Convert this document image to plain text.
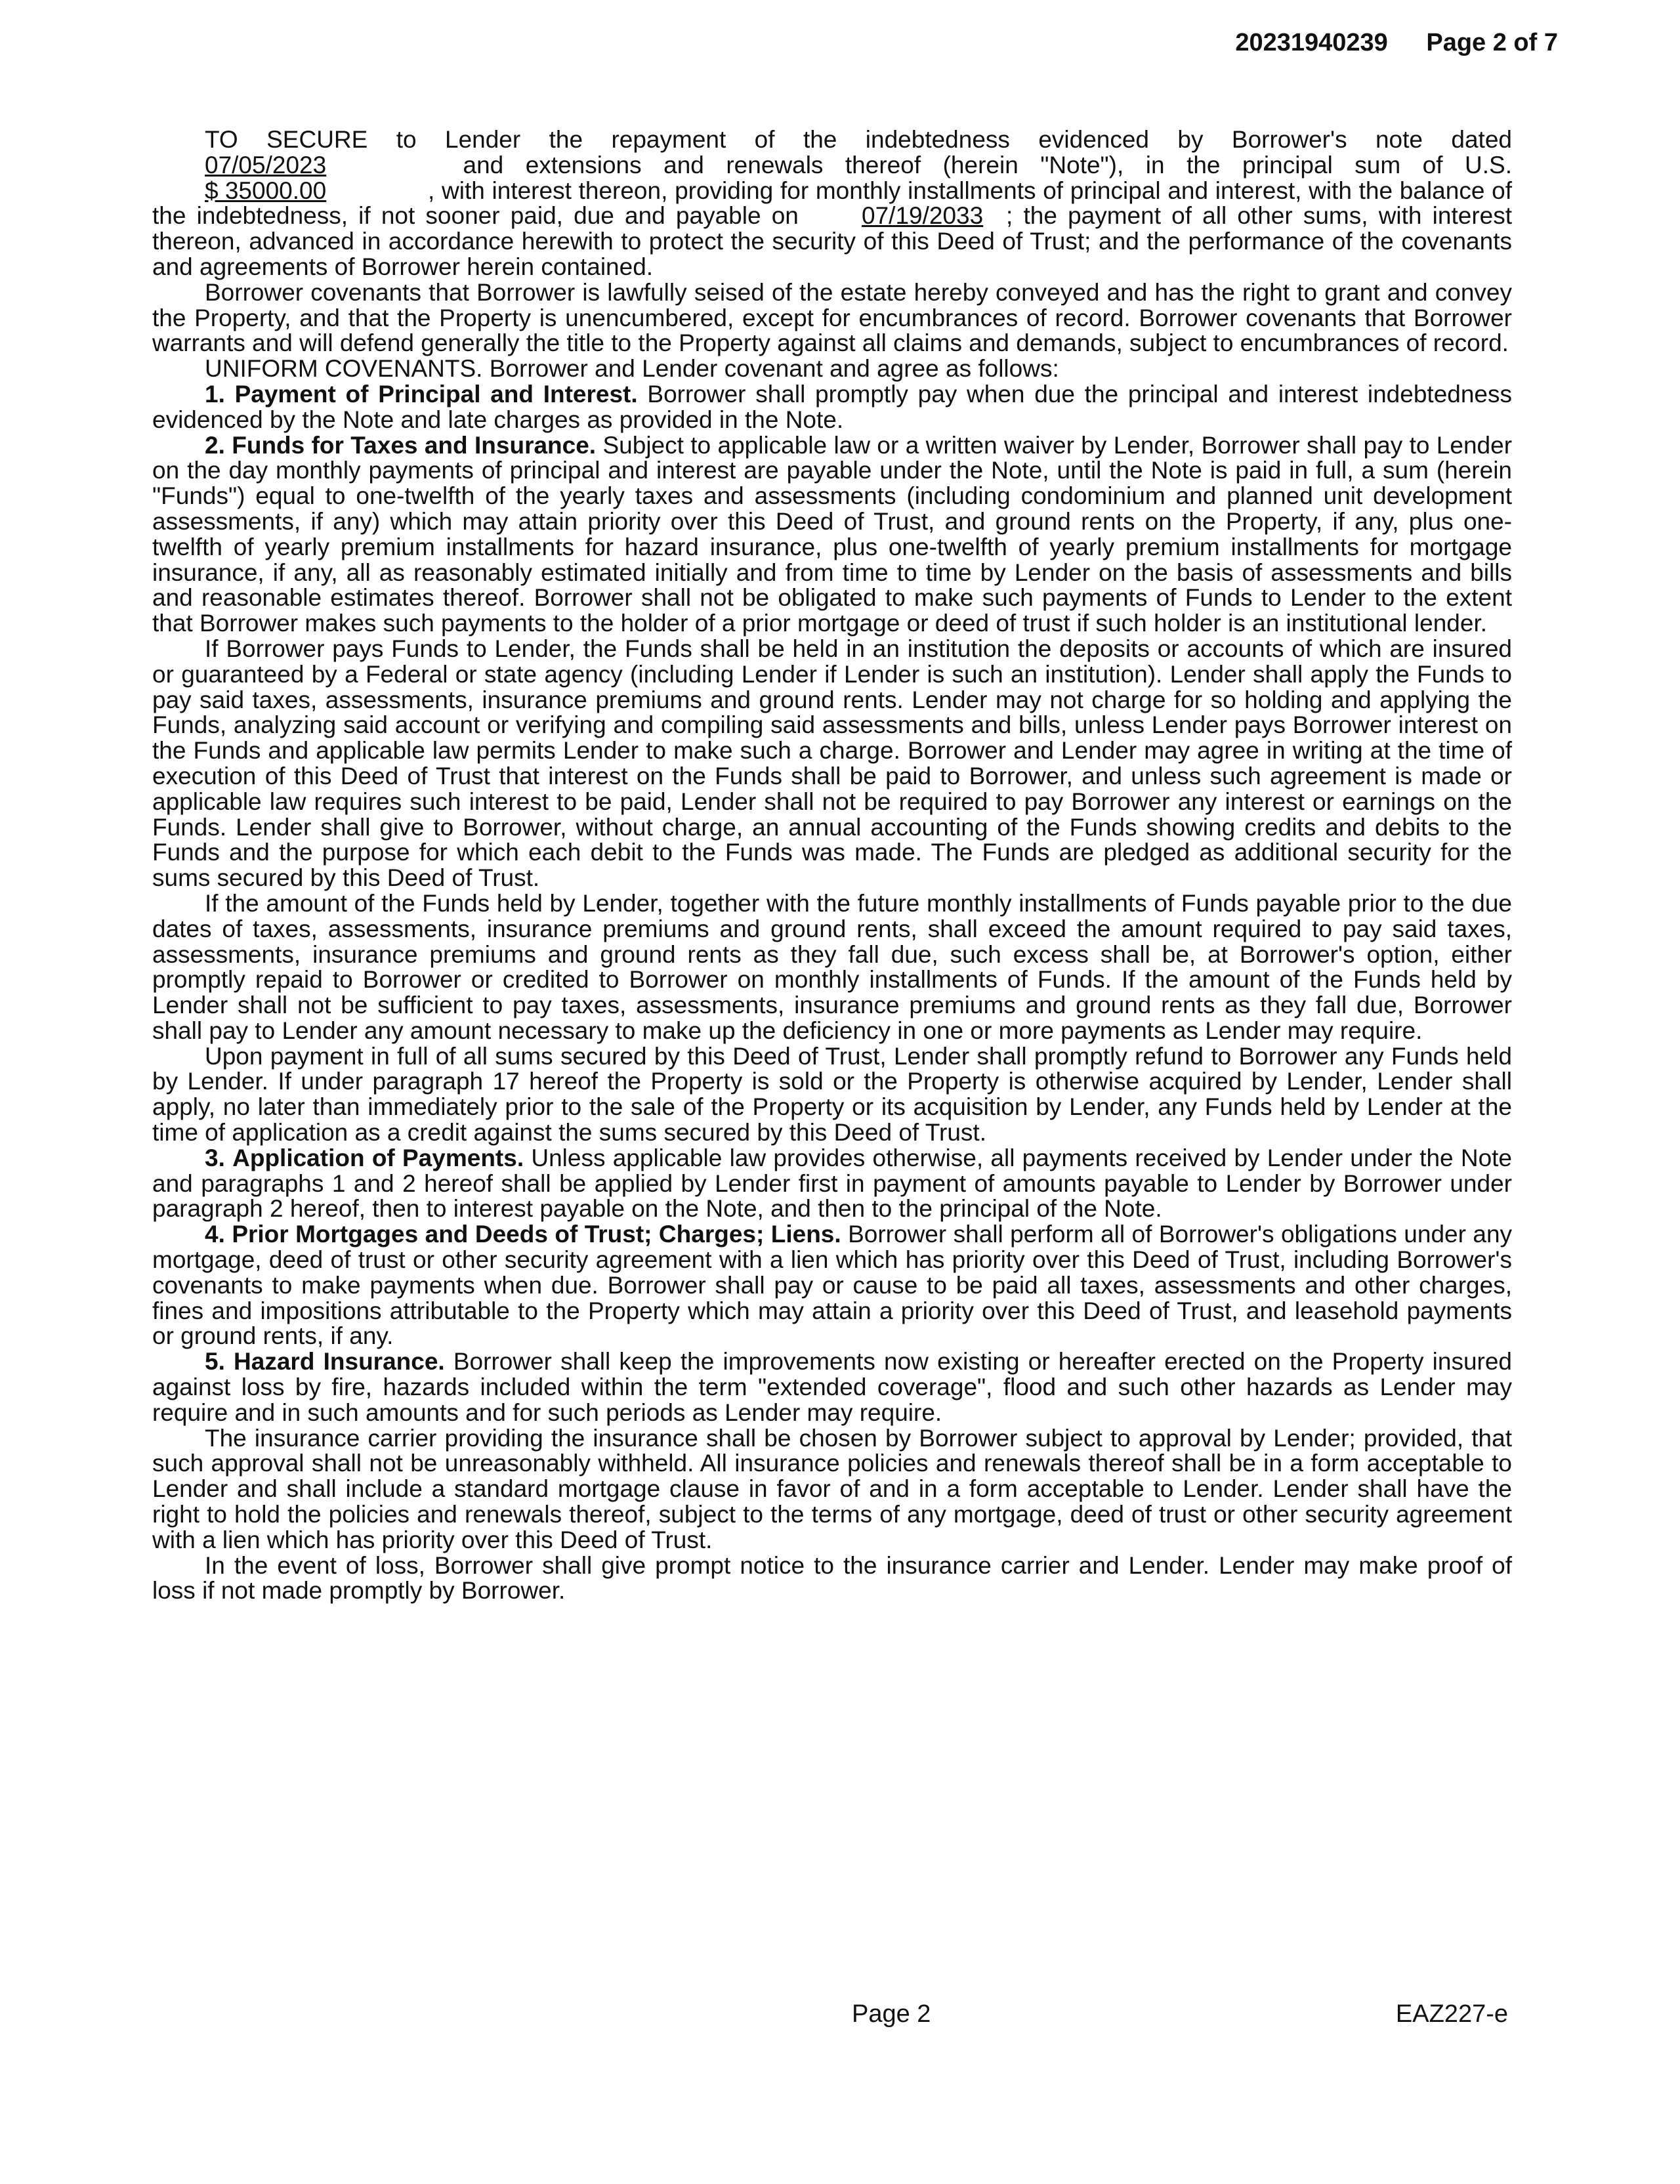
20231940239 Page 2 of 7

TO SECURE to Lender the repayment of the indebtedness evidenced by Borrower's note dated 07/05/2023	and extensions and renewals thereof (herein "Note"), in the principal sum of U.S. $ 35000.00	, with interest thereon, providing for monthly installments of principal and interest, with the balance of the indebtedness, if not sooner paid, due and payable on	07/19/2033 ; the payment of all other sums, with interest thereon, advanced in accordance herewith to protect the security of this Deed of Trust; and the performance of the covenants and agreements of Borrower herein contained.

Borrower covenants that Borrower is lawfully seised of the estate hereby conveyed and has the right to grant and convey the Property, and that the Property is unencumbered, except for encumbrances of record. Borrower covenants that Borrower warrants and will defend generally the title to the Property against all claims and demands, subject to encumbrances of record.

UNIFORM COVENANTS. Borrower and Lender covenant and agree as follows:

1. Payment of Principal and Interest. Borrower shall promptly pay when due the principal and interest indebtedness evidenced by the Note and late charges as provided in the Note.

2. Funds for Taxes and Insurance. Subject to applicable law or a written waiver by Lender, Borrower shall pay to Lender on the day monthly payments of principal and interest are payable under the Note, until the Note is paid in full, a sum (herein "Funds") equal to one-twelfth of the yearly taxes and assessments (including condominium and planned unit development assessments, if any) which may attain priority over this Deed of Trust, and ground rents on the Property, if any, plus one-twelfth of yearly premium installments for hazard insurance, plus one-twelfth of yearly premium installments for mortgage insurance, if any, all as reasonably estimated initially and from time to time by Lender on the basis of assessments and bills and reasonable estimates thereof. Borrower shall not be obligated to make such payments of Funds to Lender to the extent that Borrower makes such payments to the holder of a prior mortgage or deed of trust if such holder is an institutional lender.

If Borrower pays Funds to Lender, the Funds shall be held in an institution the deposits or accounts of which are insured or guaranteed by a Federal or state agency (including Lender if Lender is such an institution). Lender shall apply the Funds to pay said taxes, assessments, insurance premiums and ground rents. Lender may not charge for so holding and applying the Funds, analyzing said account or verifying and compiling said assessments and bills, unless Lender pays Borrower interest on the Funds and applicable law permits Lender to make such a charge. Borrower and Lender may agree in writing at the time of execution of this Deed of Trust that interest on the Funds shall be paid to Borrower, and unless such agreement is made or applicable law requires such interest to be paid, Lender shall not be required to pay Borrower any interest or earnings on the Funds. Lender shall give to Borrower, without charge, an annual accounting of the Funds showing credits and debits to the Funds and the purpose for which each debit to the Funds was made. The Funds are pledged as additional security for the sums secured by this Deed of Trust.

If the amount of the Funds held by Lender, together with the future monthly installments of Funds payable prior to the due dates of taxes, assessments, insurance premiums and ground rents, shall exceed the amount required to pay said taxes, assessments, insurance premiums and ground rents as they fall due, such excess shall be, at Borrower's option, either promptly repaid to Borrower or credited to Borrower on monthly installments of Funds. If the amount of the Funds held by Lender shall not be sufficient to pay taxes, assessments, insurance premiums and ground rents as they fall due, Borrower shall pay to Lender any amount necessary to make up the deficiency in one or more payments as Lender may require.

Upon payment in full of all sums secured by this Deed of Trust, Lender shall promptly refund to Borrower any Funds held by Lender. If under paragraph 17 hereof the Property is sold or the Property is otherwise acquired by Lender, Lender shall apply, no later than immediately prior to the sale of the Property or its acquisition by Lender, any Funds held by Lender at the time of application as a credit against the sums secured by this Deed of Trust.

3. Application of Payments. Unless applicable law provides otherwise, all payments received by Lender under the Note and paragraphs 1 and 2 hereof shall be applied by Lender first in payment of amounts payable to Lender by Borrower under paragraph 2 hereof, then to interest payable on the Note, and then to the principal of the Note.

4. Prior Mortgages and Deeds of Trust; Charges; Liens. Borrower shall perform all of Borrower's obligations under any mortgage, deed of trust or other security agreement with a lien which has priority over this Deed of Trust, including Borrower's covenants to make payments when due. Borrower shall pay or cause to be paid all taxes, assessments and other charges, fines and impositions attributable to the Property which may attain a priority over this Deed of Trust, and leasehold payments or ground rents, if any.

5. Hazard Insurance. Borrower shall keep the improvements now existing or hereafter erected on the Property insured against loss by fire, hazards included within the term "extended coverage", flood and such other hazards as Lender may require and in such amounts and for such periods as Lender may require.

The insurance carrier providing the insurance shall be chosen by Borrower subject to approval by Lender; provided, that such approval shall not be unreasonably withheld. All insurance policies and renewals thereof shall be in a form acceptable to Lender and shall include a standard mortgage clause in favor of and in a form acceptable to Lender. Lender shall have the right to hold the policies and renewals thereof, subject to the terms of any mortgage, deed of trust or other security agreement with a lien which has priority over this Deed of Trust.

In the event of loss, Borrower shall give prompt notice to the insurance carrier and Lender. Lender may make proof of loss if not made promptly by Borrower.

Page 2	EAZ227-e
